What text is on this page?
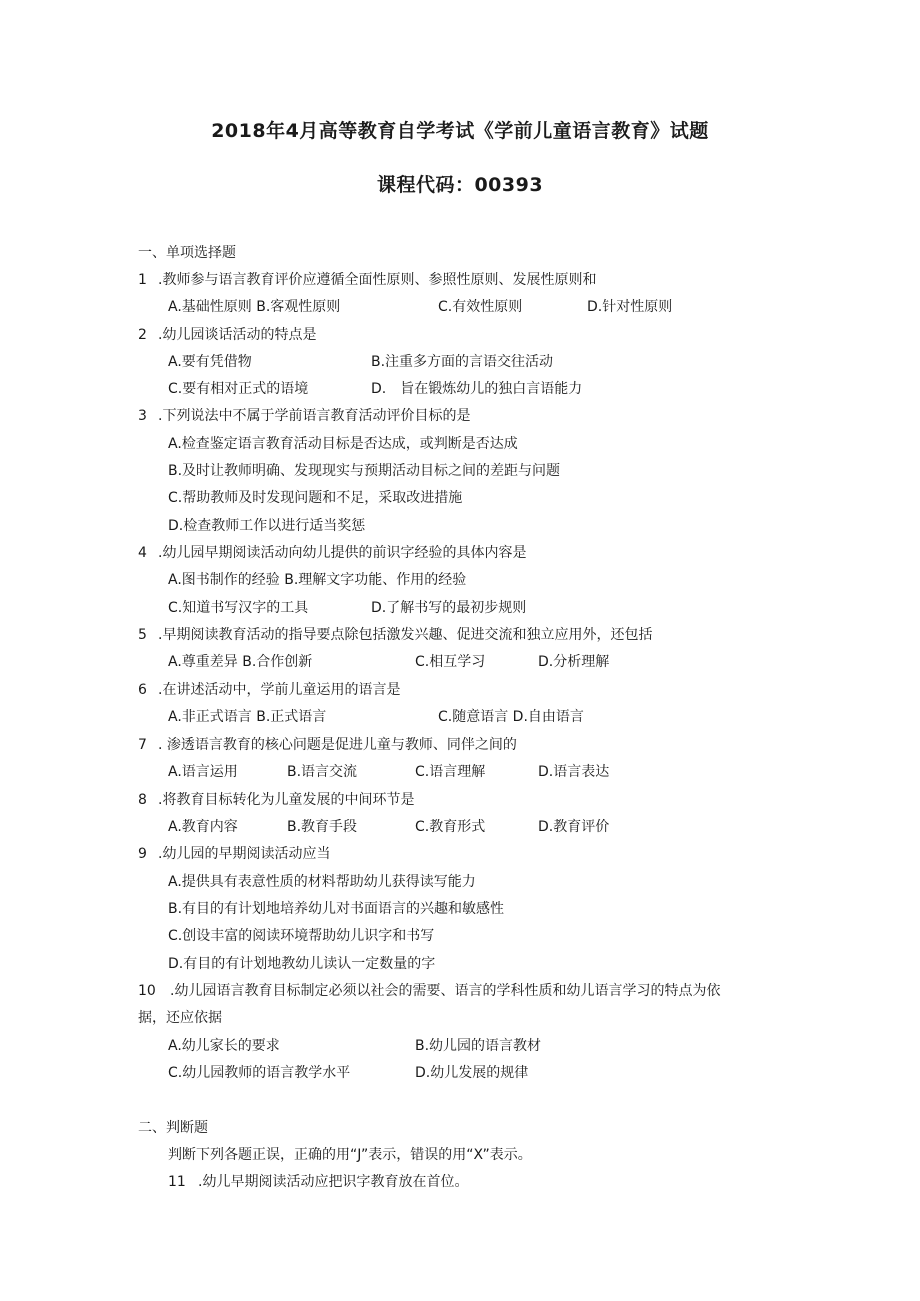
2018年4月高等教育自学考试《学前儿童语言教育》试题
课程代码：00393
一、单项选择题
1 .教师参与语言教育评价应遵循全面性原则、参照性原则、发展性原则和
A.基础性原则 B.客观性原则	C.有效性原则	D.针对性原则
2 .幼儿园谈话活动的特点是
A.要有凭借物	B.注重多方面的言语交往活动
C.要有相对正式的语境	D.　旨在锻炼幼儿的独白言语能力
3 .下列说法中不属于学前语言教育活动评价目标的是
A.检查鉴定语言教育活动目标是否达成，或判断是否达成
B.及时让教师明确、发现现实与预期活动目标之间的差距与问题
C.帮助教师及时发现问题和不足，采取改进措施
D.检查教师工作以进行适当奖惩
4 .幼儿园早期阅读活动向幼儿提供的前识字经验的具体内容是
A.图书制作的经验 B.理解文字功能、作用的经验
C.知道书写汉字的工具	D.了解书写的最初步规则
5 .早期阅读教育活动的指导要点除包括激发兴趣、促进交流和独立应用外，还包括
A.尊重差异 B.合作创新	C.相互学习	D.分析理解
6 .在讲述活动中，学前儿童运用的语言是
A.非正式语言 B.正式语言	C.随意语言 D.自由语言
7 . 渗透语言教育的核心问题是促进儿童与教师、同伴之间的
A.语言运用	B.语言交流	C.语言理解	D.语言表达
8 .将教育目标转化为儿童发展的中间环节是
A.教育内容	B.教育手段	C.教育形式	D.教育评价
9 .幼儿园的早期阅读活动应当
A.提供具有表意性质的材料帮助幼儿获得读写能力
B.有目的有计划地培养幼儿对书面语言的兴趣和敏感性
C.创设丰富的阅读环境帮助幼儿识字和书写
D.有目的有计划地教幼儿读认一定数量的字
10 .幼儿园语言教育目标制定必须以社会的需要、语言的学科性质和幼儿语言学习的特点为依
据，还应依据
A.幼儿家长的要求	B.幼儿园的语言教材
C.幼儿园教师的语言教学水平	D.幼儿发展的规律
二、判断题
判断下列各题正误，正确的用“J”表示，错误的用“X”表示。
11 .幼儿早期阅读活动应把识字教育放在首位。
